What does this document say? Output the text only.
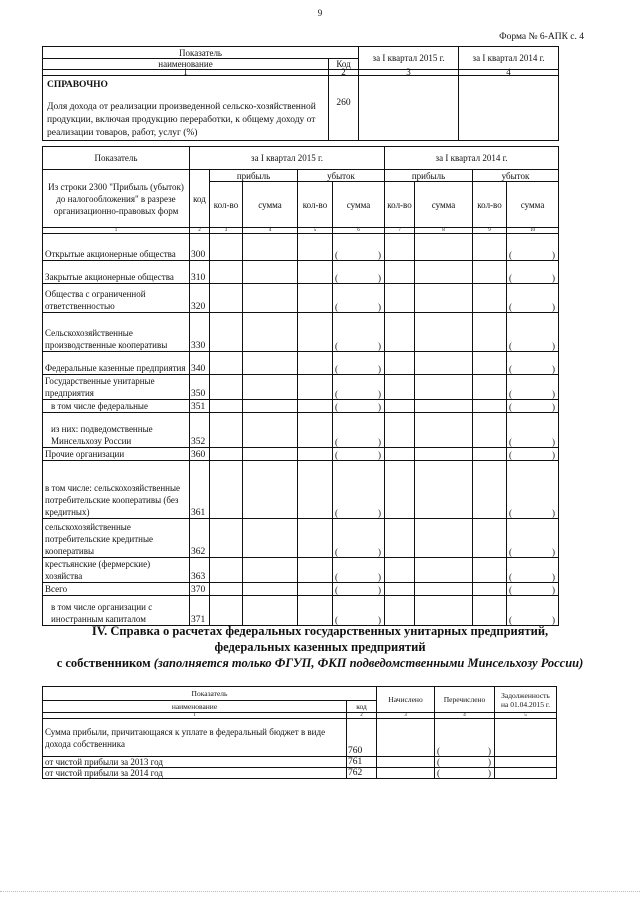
9
Форма № 6-АПК с. 4
Показатель		за I квартал 2015 г.	за I квартал 2014 г.
наименование	Код		
1	2	3	4

СПРАВОЧНО
Доля дохода от реализации произведенной сельско-хозяйственной продукции, включая продукцию переработки, к общему доходу от реализации товаров, работ, услуг (%)	260		
Показатель	за I квартал 2015 г.					за I квартал 2014 г.			
Из строки 2300 "Прибыль (убыток) до налогообложения" в разрезе организационно-правовых форм	код	прибыль		убыток		прибыль		убыток	
		кол-во	сумма	кол-во	сумма	кол-во	сумма	кол-во	сумма
1	2	3	4	5	6	7	8	9	10
Открытые акционерные общества	300				( )				( )

Закрытые акционерные общества	310				( )				( )

Общества с ограниченной ответственностью	320				( )				( )

Сельскохозяйственные производственные кооперативы	330				( )				( )

Федеральные казенные предприятия	340				( )				( )

Государственные унитарные предприятия	350				( )				( )

в том числе федеральные	351				( )				( )

из них: подведомственные Минсельхозу России	352				( )				( )

Прочие организации	360				( )				( )

в том числе: сельскохозяйственные потребительские кооперативы (без кредитных)	361				( )				( )

сельскохозяйственные потребительские кредитные кооперативы	362				( )				( )

крестьянские (фермерские) хозяйства	363				( )				( )

Всего	370				( )				( )

в том числе организации с иностранным капиталом	371				( )				( )
IV. Справка о расчетах федеральных государственных унитарных предприятий,
федеральных казенных предприятий
с собственником (заполняется только ФГУП, ФКП подведомственными Минсельхозу России)
Показатель		Начислено	Перечислено	Задолженность на 01.04.2015 г.
наименование	код			
1	2	3	4	5
Сумма прибыли, причитающаяся к уплате в федеральный бюджет в виде дохода собственника	760		( )	

от чистой прибыли за 2013 год	761		( )	

от чистой прибыли за 2014 год	762		( )	
